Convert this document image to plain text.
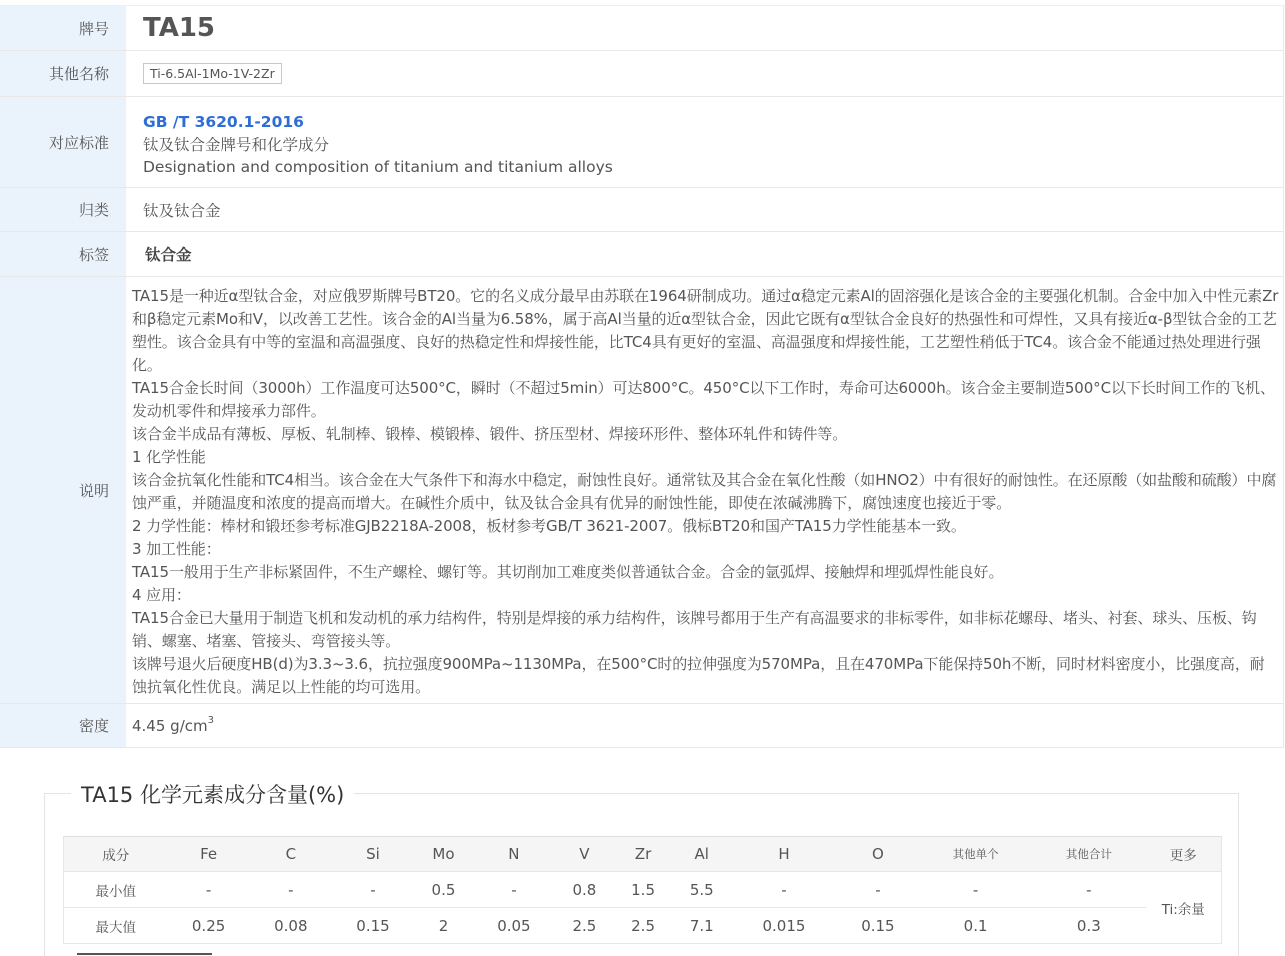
牌号	TA15
其他名称	Ti-6.5Al-1Mo-1V-2Zr
对应标准
GB /T 3620.1-2016
钛及钛合金牌号和化学成分
Designation and composition of titanium and titanium alloys
归类	钛及钛合金
标签	钛合金
说明

TA15是一种近α型钛合金，对应俄罗斯牌号BT20。它的名义成分最早由苏联在1964研制成功。通过α稳定元素Al的固溶强化是该合金的主要强化机制。合金中加入中性元素Zr和β稳定元素Mo和V，以改善工艺性。该合金的Al当量为6.58%，属于高Al当量的近α型钛合金，因此它既有α型钛合金良好的热强性和可焊性，又具有接近α-β型钛合金的工艺塑性。该合金具有中等的室温和高温强度、良好的热稳定性和焊接性能，比TC4具有更好的室温、高温强度和焊接性能，工艺塑性稍低于TC4。该合金不能通过热处理进行强化。

TA15合金长时间（3000h）工作温度可达500°C，瞬时（不超过5min）可达800°C。450°C以下工作时，寿命可达6000h。该合金主要制造500°C以下长时间工作的飞机、发动机零件和焊接承力部件。

该合金半成品有薄板、厚板、轧制棒、锻棒、模锻棒、锻件、挤压型材、焊接环形件、整体环轧件和铸件等。

1 化学性能

该合金抗氧化性能和TC4相当。该合金在大气条件下和海水中稳定，耐蚀性良好。通常钛及其合金在氧化性酸（如HNO2）中有很好的耐蚀性。在还原酸（如盐酸和硫酸）中腐蚀严重，并随温度和浓度的提高而增大。在碱性介质中，钛及钛合金具有优异的耐蚀性能，即使在浓碱沸腾下，腐蚀速度也接近于零。

2 力学性能：棒材和锻坯参考标准GJB2218A-2008，板材参考GB/T 3621-2007。俄标BT20和国产TA15力学性能基本一致。

3 加工性能：

TA15一般用于生产非标紧固件，不生产螺栓、螺钉等。其切削加工难度类似普通钛合金。合金的氩弧焊、接触焊和埋弧焊性能良好。

4 应用：

TA15合金已大量用于制造飞机和发动机的承力结构件，特别是焊接的承力结构件，该牌号都用于生产有高温要求的非标零件，如非标花螺母、堵头、衬套、球头、压板、钩销、螺塞、堵塞、管接头、弯管接头等。

该牌号退火后硬度HB(d)为3.3~3.6，抗拉强度900MPa~1130MPa，在500°C时的拉伸强度为570MPa，且在470MPa下能保持50h不断，同时材料密度小，比强度高，耐蚀抗氧化性优良。满足以上性能的均可选用。

密度	4.45 $g/cm^3$
TA15 化学元素成分含量(%)
成分	Fe	C	Si	Mo	N	V	Zr	Al	H	O	其他单个	其他合计	更多
最小值	-	-	-	0.5	-	0.8	1.5	5.5	-	-	-	-	Ti:余量
最大值	0.25	0.08	0.15	2	0.05	2.5	2.5	7.1	0.015	0.15	0.1	0.3	
